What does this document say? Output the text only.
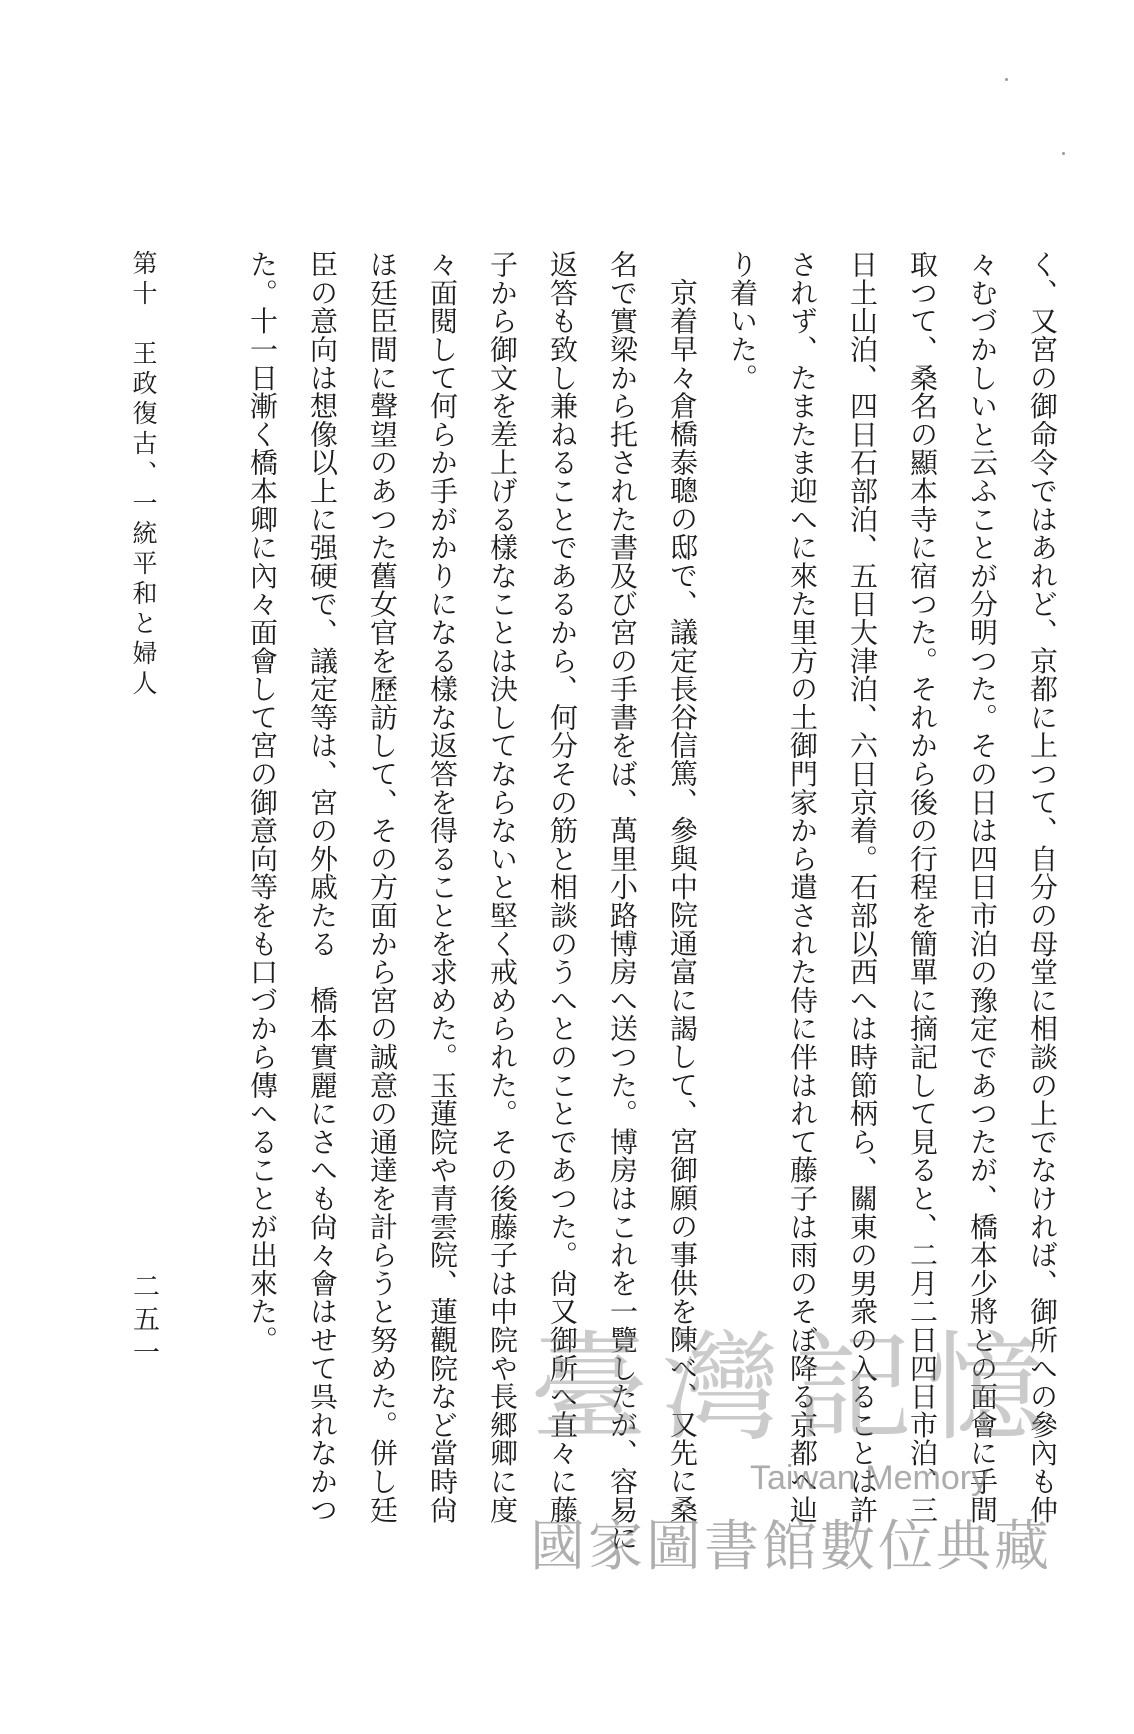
く、又宮の御命令ではあれど、京都に上つて、自分の母堂に相談の上でなければ、御所への參內も仲
々むづかしいと云ふことが分明つた。その日は四日市泊の豫定であつたが、橋本少將との面會に手間
取つて、桑名の顯本寺に宿つた。それから後の行程を簡單に摘記して見ると、二月二日四日市泊、三
日土山泊、四日石部泊、五日大津泊、六日京着。石部以西へは時節柄ら、關東の男衆の入ることは許
されず、たまたま迎へに來た里方の土御門家から遣された侍に伴はれて藤子は雨のそぼ降る京都へ辿
り着いた。
京着早々倉橋泰聰の邸で、議定長谷信篤、參與中院通富に謁して、宮御願の事供を陳べ、又先に桑
名で實梁から托された書及び宮の手書をば、萬里小路博房へ送つた。博房はこれを一覽したが、容易に
返答も致し兼ねることであるから、何分その筋と相談のうへとのことであつた。尙又御所へ直々に藤
子から御文を差上げる樣なことは決してならないと堅く戒められた。その後藤子は中院や長郷卿に度
々面閱して何らか手がかりになる樣な返答を得ることを求めた。玉蓮院や青雲院、蓮觀院など當時尙
ほ廷臣間に聲望のあつた舊女官を歷訪して、その方面から宮の誠意の通達を計らうと努めた。併し廷
臣の意向は想像以上に强硬で、議定等は、宮の外戚たる　橋本實麗にさへも尙々會はせて呉れなかつ
た。十一日漸く橋本卿に內々面會して宮の御意向等をも口づから傳へることが出來た。
第十　王政復古、一統平和と婦人
二五一	臺灣記憶
Taiwan Memory
國家圖書館數位典藏
